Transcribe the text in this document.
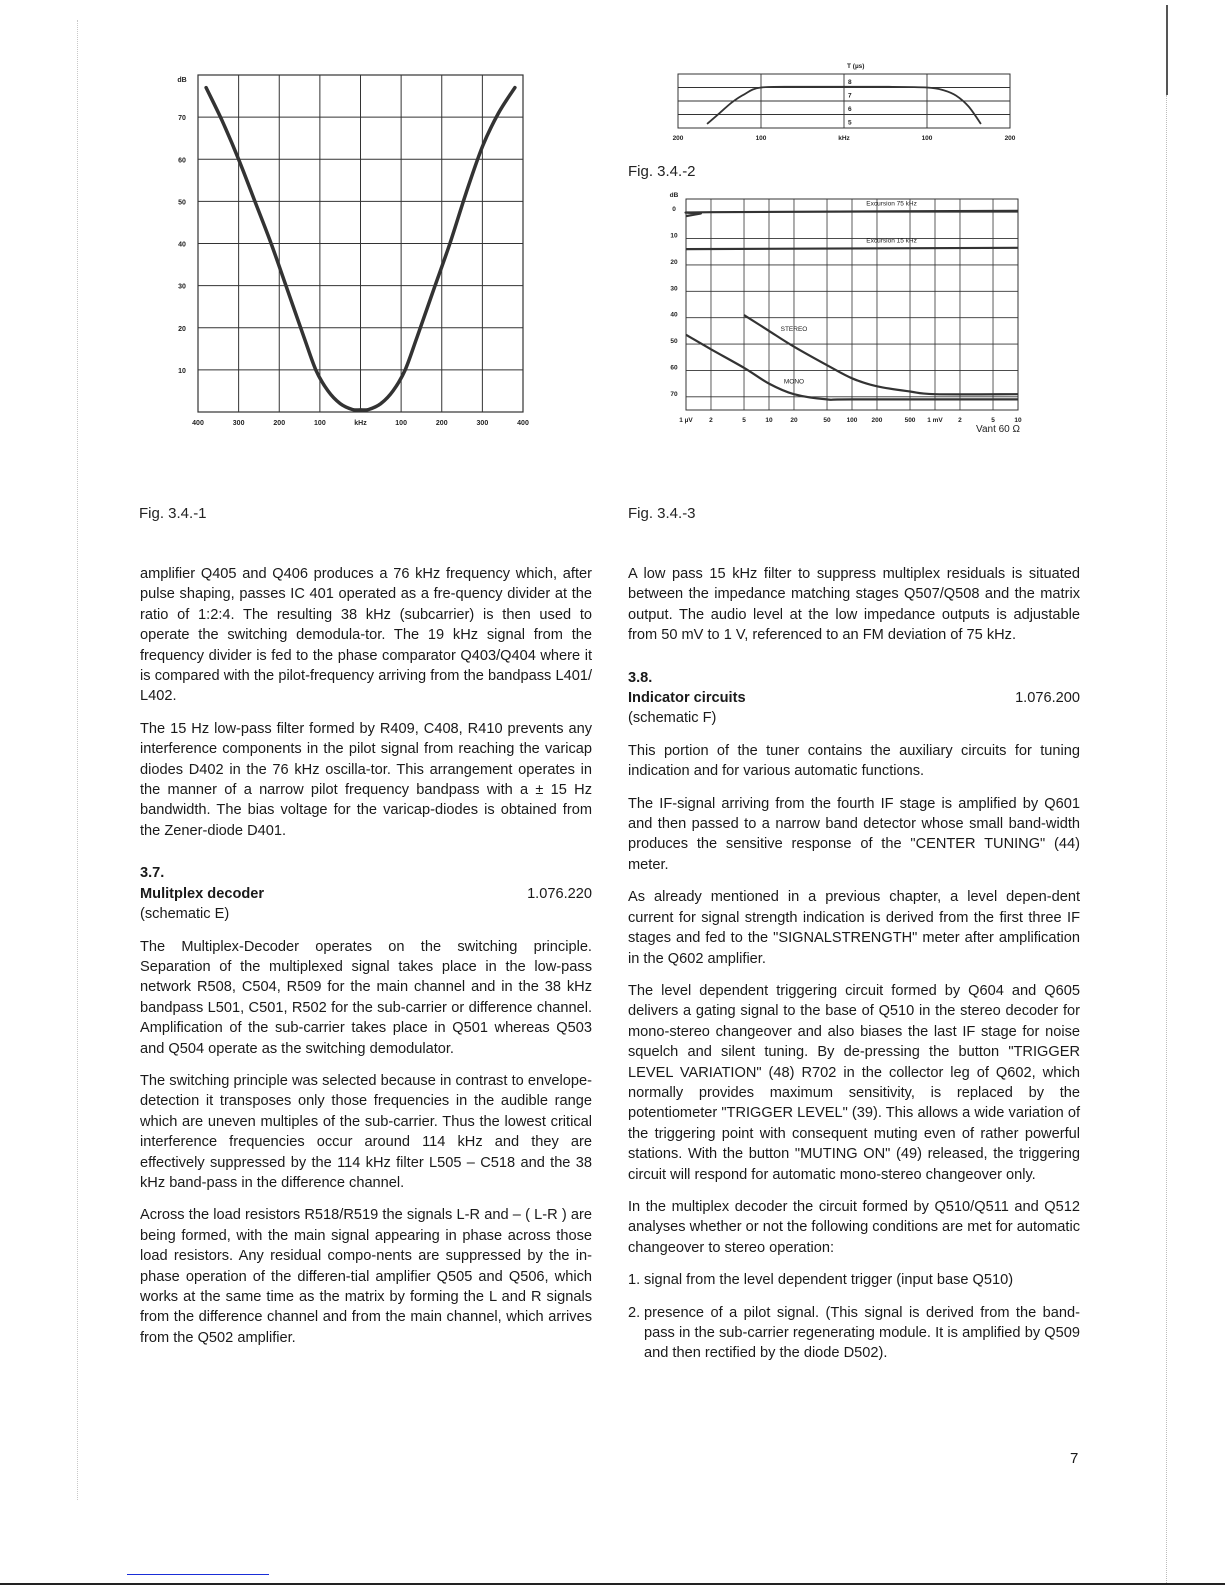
10
20
30
40
50
60
70
dB
400	300	200	100	kHz	100	200	300	400
Fig. 3.4.-1
8
7
6
5
T (µs)
200	100	kHz	100	200
Fig. 3.4.-2
0
10
20
30
40
50
60
70
dB
1 µV	2	5	10	20	50 100 200	500 1 mV 2	5	10
Vant 60 Ω
Excursion 75 kHz
Excursion 15 kHz
STEREO
MONO
Fig. 3.4.-3

amplifier Q405 and Q406 produces a 76 kHz frequency which, after pulse shaping, passes IC 401 operated as a fre-quency divider at the ratio of 1:2:4. The resulting 38 kHz (subcarrier) is then used to operate the switching demodula-tor. The 19 kHz signal from the frequency divider is fed to the phase comparator Q403/Q404 where it is compared with the pilot-frequency arriving from the bandpass L401/ L402.

The 15 Hz low-pass filter formed by R409, C408, R410 prevents any interference components in the pilot signal from reaching the varicap diodes D402 in the 76 kHz oscilla-tor. This arrangement operates in the manner of a narrow pilot frequency bandpass with a ± 15 Hz bandwidth. The bias voltage for the varicap-diodes is obtained from the Zener-diode D401.

3.7.
Mulitplex decoder	1.076.220
(schematic E)

The Multiplex-Decoder operates on the switching principle. Separation of the multiplexed signal takes place in the low-pass network R508, C504, R509 for the main channel and in the 38 kHz bandpass L501, C501, R502 for the sub-carrier or difference channel. Amplification of the sub-carrier takes place in Q501 whereas Q503 and Q504 operate as the switching demodulator.

The switching principle was selected because in contrast to envelope-detection it transposes only those frequencies in the audible range which are uneven multiples of the sub-carrier. Thus the lowest critical interference frequencies occur around 114 kHz and they are effectively suppressed by the 114 kHz filter L505 – C518 and the 38 kHz band-pass in the difference channel.

Across the load resistors R518/R519 the signals L-R and – ( L-R ) are being formed, with the main signal appearing in phase across those load resistors. Any residual compo-nents are suppressed by the in-phase operation of the differen-tial amplifier Q505 and Q506, which works at the same time as the matrix by forming the L and R signals from the difference channel and from the main channel, which arrives from the Q502 amplifier.

A low pass 15 kHz filter to suppress multiplex residuals is situated between the impedance matching stages Q507/Q508 and the matrix output. The audio level at the low impedance outputs is adjustable from 50 mV to 1 V, referenced to an FM deviation of 75 kHz.

3.8.
Indicator circuits	1.076.200
(schematic F)

This portion of the tuner contains the auxiliary circuits for tuning indication and for various automatic functions.

The IF-signal arriving from the fourth IF stage is amplified by Q601 and then passed to a narrow band detector whose small band-width produces the sensitive response of the "CENTER TUNING" (44) meter.

As already mentioned in a previous chapter, a level depen-dent current for signal strength indication is derived from the first three IF stages and fed to the "SIGNALSTRENGTH" meter after amplification in the Q602 amplifier.

The level dependent triggering circuit formed by Q604 and Q605 delivers a gating signal to the base of Q510 in the stereo decoder for mono-stereo changeover and also biases the last IF stage for noise squelch and silent tuning. By de-pressing the button "TRIGGER LEVEL VARIATION" (48) R702 in the collector leg of Q602, which normally provides maximum sensitivity, is replaced by the potentiometer "TRIGGER LEVEL" (39). This allows a wide variation of the triggering point with consequent muting even of rather powerful stations. With the button "MUTING ON" (49) released, the triggering circuit will respond for automatic mono-stereo changeover only.

In the multiplex decoder the circuit formed by Q510/Q511 and Q512 analyses whether or not the following conditions are met for automatic changeover to stereo operation:

1. signal from the level dependent trigger (input base Q510)
2. presence of a pilot signal. (This signal is derived from the band-pass in the sub-carrier regenerating module. It is amplified by Q509 and then rectified by the diode D502).
7
